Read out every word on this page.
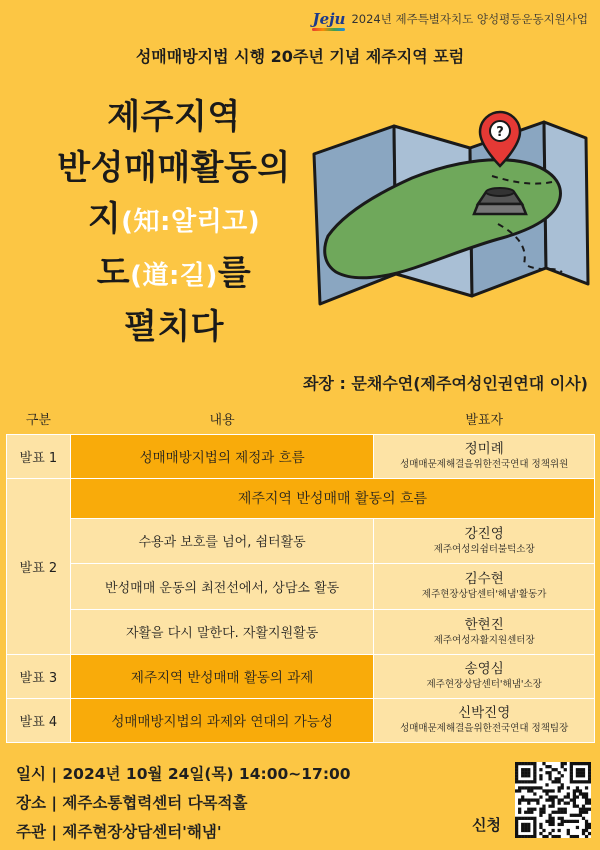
Jeju 2024년 제주특별자치도 양성평등운동지원사업
성매매방지법 시행 20주년 기념 제주지역 포럼
제주지역
반성매매활동의
지(知:알리고)
도(道:길)를
펼치다
?
좌장 : 문채수연(제주여성인권연대 이사)
구분	내용	발표자
발표 1	성매매방지법의 제정과 흐름	정미례
성매매문제해결을위한전국연대 정책위원

발표 2	제주지역 반성매매 활동의 흐름	
	수용과 보호를 넘어, 쉼터활동	강진영
제주여성의쉼터불턱소장

	반성매매 운동의 최전선에서, 상담소 활동	김수현
제주현장상담센터'해냄'활동가

	자활을 다시 말한다. 자활지원활동	한현진
제주여성자활지원센터장

발표 3	제주지역 반성매매 활동의 과제	송영심
제주현장상담센터'해냄'소장

발표 4	성매매방지법의 과제와 연대의 가능성	신박진영
성매매문제해결을위한전국연대 정책팀장
일시 | 2024년 10월 24일(목) 14:00~17:00
장소 | 제주소통협력센터 다목적홀
주관 | 제주현장상담센터'해냄'	신청
